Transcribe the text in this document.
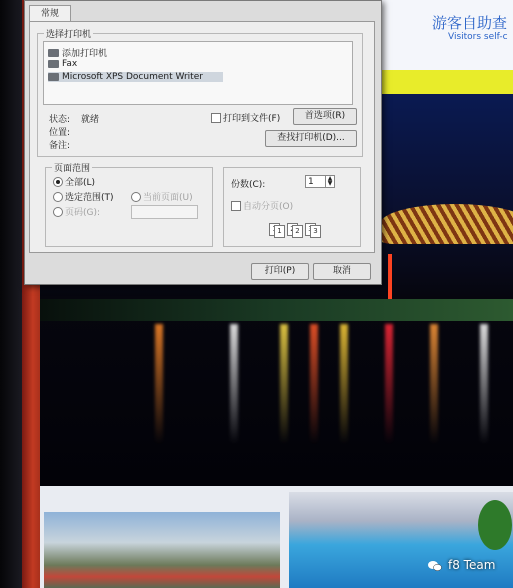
游客自助查
Visitors self-c
f8 Team
常规
选择打印机
添加打印机
Fax
Microsoft XPS Document Writer
状态: 就绪
位置:
备注:
打印到文件(F)	首选项(R)
查找打印机(D)...
页面范围
全部(L)
选定范围(T)	当前页面(U)
页码(G):
份数(C):	1	▲
▼
自动分页(O)
1	2	3
打印(P)	取消
